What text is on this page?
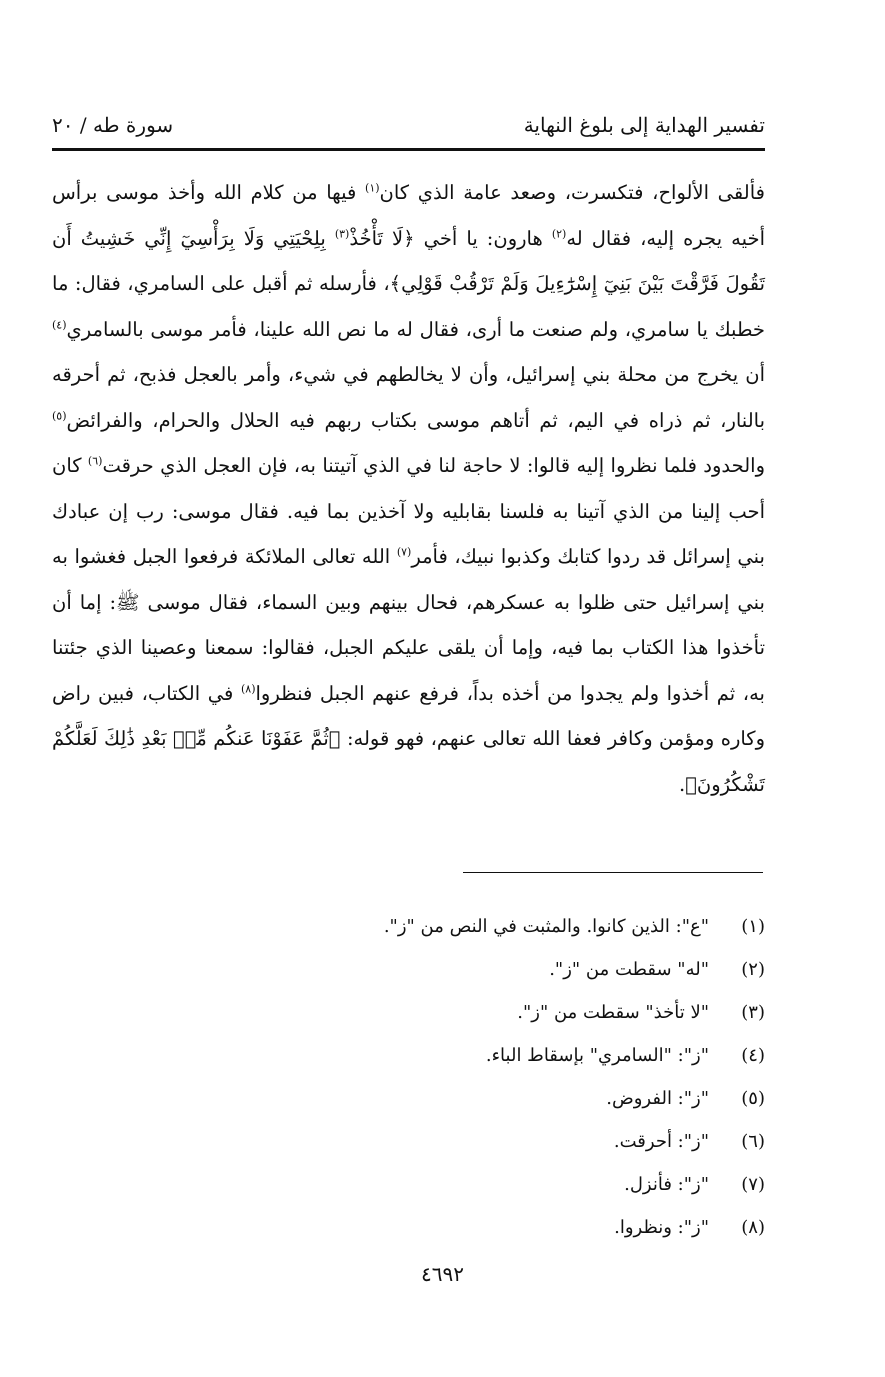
تفسير الهداية إلى بلوغ النهاية
سورة طه / ٢٠

فألقى الألواح، فتكسرت، وصعد عامة الذي كان$^{(١)}$ فيها من كلام الله وأخذ موسى برأس أخيه يجره إليه، فقال له$^{(٢)}$ هارون: يا أخي ﴿لَا تَأْخُذْ$^{(٣)}$ بِلِحْيَتِي وَلَا بِرَأْسِيٓ إِنِّي خَشِيتُ أَن تَقُولَ فَرَّقْتَ بَيْنَ بَنِيٓ إِسْرَٰٓءِيلَ وَلَمْ تَرْقُبْ قَوْلِي﴾، فأرسله ثم أقبل على السامري، فقال: ما خطبك يا سامري، ولم صنعت ما أرى، فقال له ما نص الله علينا، فأمر موسى بالسامري$^{(٤)}$ أن يخرج من محلة بني إسرائيل، وأن لا يخالطهم في شيء، وأمر بالعجل فذبح، ثم أحرقه بالنار، ثم ذراه في اليم، ثم أتاهم موسى بكتاب ربهم فيه الحلال والحرام، والفرائض$^{(٥)}$ والحدود فلما نظروا إليه قالوا: لا حاجة لنا في الذي آتيتنا به، فإن العجل الذي حرقت$^{(٦)}$ كان أحب إلينا من الذي آتينا به فلسنا بقابليه ولا آخذين بما فيه. فقال موسى: رب إن عبادك بني إسرائل قد ردوا كتابك وكذبوا نبيك، فأمر$^{(٧)}$ الله تعالى الملائكة فرفعوا الجبل فغشوا به بني إسرائيل حتى ظلوا به عسكرهم، فحال بينهم وبين السماء، فقال موسى ﷺ: إما أن تأخذوا هذا الكتاب بما فيه، وإما أن يلقى عليكم الجبل، فقالوا: سمعنا وعصينا الذي جئتنا به، ثم أخذوا ولم يجدوا من أخذه بداً، فرفع عنهم الجبل فنظروا$^{(٨)}$ في الكتاب، فبين راض وكاره ومؤمن وكافر فعفا الله تعالى عنهم، فهو قوله: ﴿ثُمَّ عَفَوْنَا عَنكُم مِّنۢ بَعْدِ ذَٰلِكَ لَعَلَّكُمْ تَشْكُرُونَ﴾.

(١)
"ع": الذين كانوا. والمثبت في النص من "ز".
(٢)
"له" سقطت من "ز".
(٣)
"لا تأخذ" سقطت من "ز".
(٤)
"ز": "السامري" بإسقاط الباء.
(٥)
"ز": الفروض.
(٦)
"ز": أحرقت.
(٧)
"ز": فأنزل.
(٨)
"ز": ونظروا.
٤٦٩٢
